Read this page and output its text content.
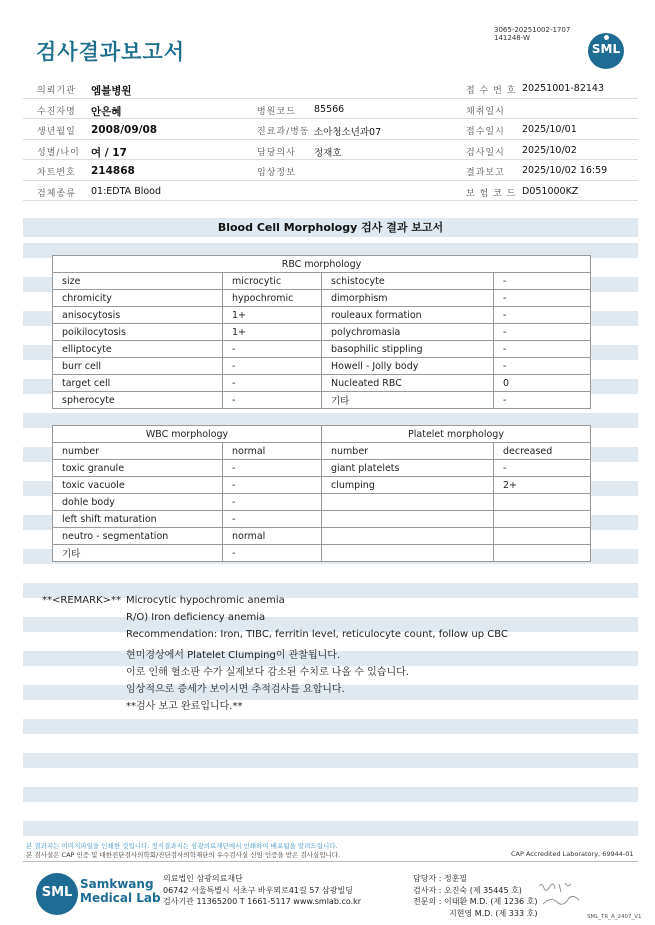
검사결과보고서
3065-20251002-1707
141248-W
SML
의뢰기관 엠블병원	접 수 번 호 20251001-82143
수진자명 안은혜	병원코드 85566	채취일시
생년월일 2008/09/08	진료과/병동 소아청소년과07	접수일시 2025/10/01
성별/나이 여 / 17	담당의사 정재호	검사일시 2025/10/02
차트번호 214868	임상정보	결과보고 2025/10/02 16:59
검체종류 01:EDTA Blood	보 험 코 드 D051000KZ
Blood Cell Morphology 검사 결과 보고서
RBC morphology			
size	microcytic	schistocyte	-
chromicity	hypochromic	dimorphism	-
anisocytosis	1+	rouleaux formation	-
poikilocytosis	1+	polychromasia	-
elliptocyte	-	basophilic stippling	-
burr cell	-	Howell - Jolly body	-
target cell	-	Nucleated RBC	0
spherocyte	-	기타	-
WBC morphology		Platelet morphology	
number	normal	number	decreased
toxic granule	-	giant platelets	-
toxic vacuole	-	clumping	2+
dohle body	-		
left shift maturation	-		
neutro - segmentation	normal		
기타	-		
**<REMARK>** Microcytic hypochromic anemia
R/O) Iron deficiency anemia
Recommendation: Iron, TIBC, ferritin level, reticulocyte count, follow up CBC
현미경상에서 Platelet Clumping이 관찰됩니다.
이로 인해 혈소판 수가 실제보다 감소된 수치로 나올 수 있습니다.
임상적으로 증세가 보이시면 추적검사를 요합니다.
**검사 보고 완료입니다.**
본 결과지는 이미지파일을 인쇄한 것입니다. 정식결과지는 삼광의료재단에서 인쇄하여 배포됨을 알려드립니다.
본 검사실은 CAP 인증 및 대한진단검사의학회/진단검사의학재단의 우수검사실 신임 인증을 받은 검사실입니다.	CAP Accredited Laboratory, 69944-01
SML
Samkwang
Medical Lab
의료법인 삼광의료재단
06742 서울특별시 서초구 바우뫼로41길 57 삼광빌딩
검사기관 11365200 T 1661-5117 www.smlab.co.kr
담당자 : 정훈필
검사자 : 오진숙 (제 35445 호)
전문의 : 이태환 M.D. (제 1236 호)
지현영 M.D. (제 333 호)	SML_TR_A_2407_V1
